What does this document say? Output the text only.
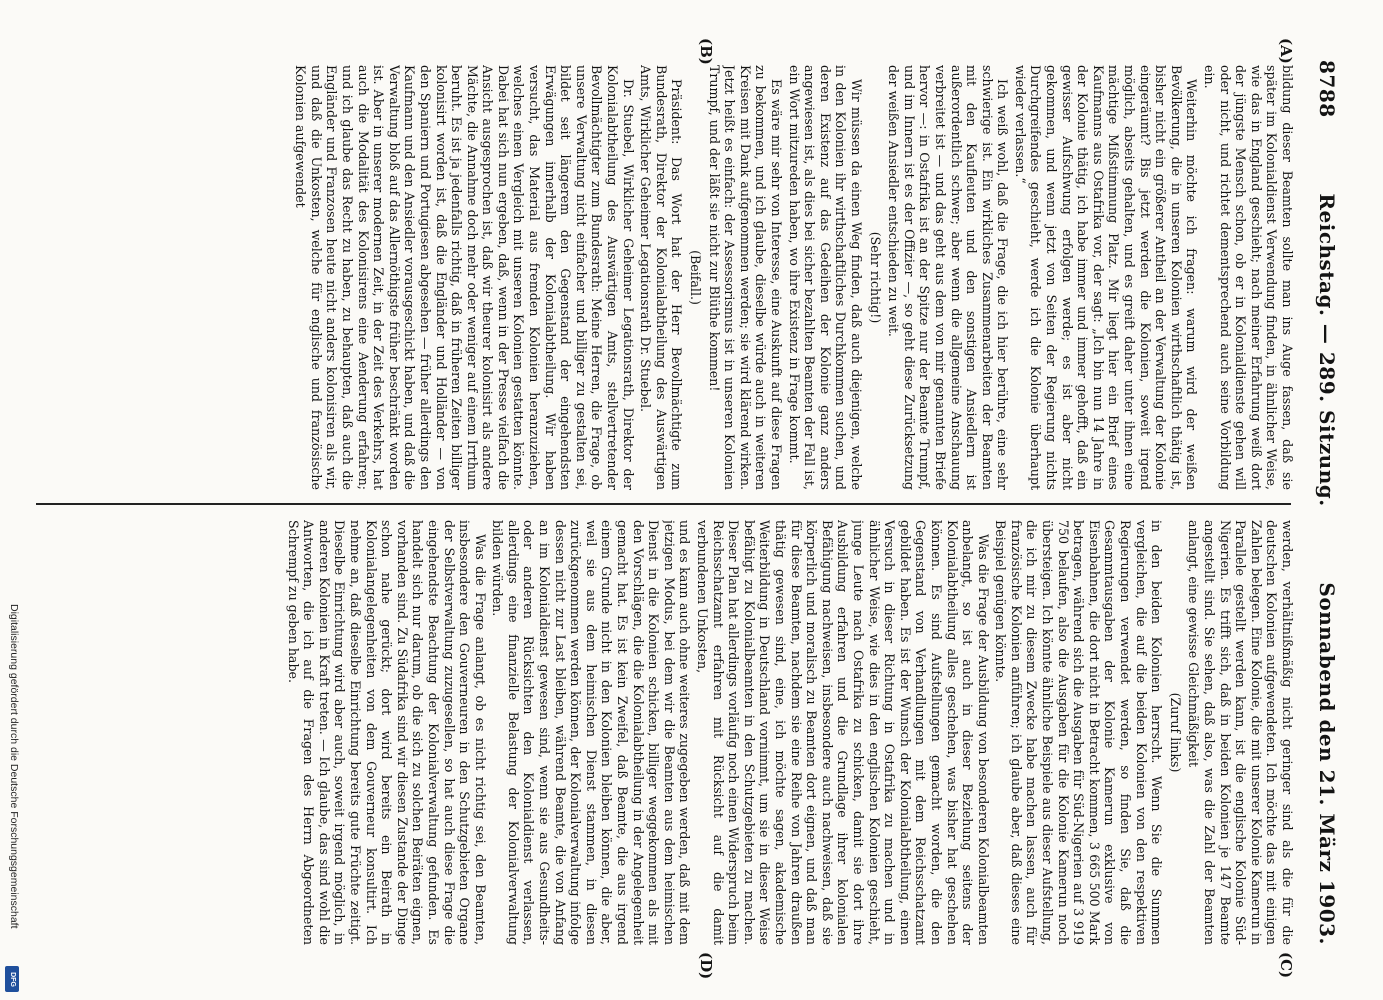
8788
Reichstag. — 289. Sitzung.
Sonnabend den 21. März 1903.
(A)
(B)
(C)
(D)

bildung dieser Beamten sollte man ins Auge fassen, daß sie später im Kolonialdienst Verwendung finden, in ähnlicher Weise, wie das in England geschieht; nach meiner Erfahrung weiß dort der jüngste Mensch schon, ob er in Kolonialdienste gehen will oder nicht, und richtet dementsprechend auch seine Vorbildung ein.

Weiterhin möchte ich fragen: warum wird der weißen Bevölkerung, die in unseren Kolonien wirthschaftlich thätig ist, bisher nicht ein größerer Antheil an der Verwaltung der Kolonie eingeräumt? Bis jetzt werden die Kolonien, soweit irgend möglich, abseits gehalten, und es greift daher unter ihnen eine mächtige Mißstimmung Platz. Mir liegt hier ein Brief eines Kaufmanns aus Ostafrika vor, der sagt: „Ich bin nun 14 Jahre in der Kolonie thätig, ich habe immer und immer gehofft, daß ein gewisser Aufschwung erfolgen werde; es ist aber nicht gekommen, und wenn jetzt von Seiten der Regierung nichts Durchgreifendes geschieht, werde ich die Kolonie überhaupt wieder verlassen.“

Ich weiß wohl, daß die Frage, die ich hier berühre, eine sehr schwierige ist. Ein wirkliches Zusammenarbeiten der Beamten mit den Kaufleuten und den sonstigen Ansiedlern ist außerordentlich schwer; aber wenn die allgemeine Anschauung verbreitet ist — und das geht aus dem von mir genannten Briefe hervor —: in Ostafrika ist an der Spitze nur der Beamte Trumpf, und im Innern ist es der Offizier —, so geht diese Zurücksetzung der weißen Ansiedler entschieden zu weit.

(Sehr richtig!)

Wir müssen da einen Weg finden, daß auch diejenigen, welche in den Kolonien ihr wirthschaftliches Durchkommen suchen, und deren Existenz auf das Gedeihen der Kolonie ganz anders angewiesen ist, als dies bei sicher bezahlten Beamten der Fall ist, ein Wort mitzureden haben, wo ihre Existenz in Frage kommt.

Es wäre mir sehr von Interesse, eine Auskunft auf diese Fragen zu bekommen, und ich glaube, dieselbe würde auch in weiteren Kreisen mit Dank aufgenommen werden; sie wird klärend wirken. Jetzt heißt es einfach: der Assessorismus ist in unseren Kolonien Trumpf, und der läßt sie nicht zur Blüthe kommen!

(Beifall.)

Präsident: Das Wort hat der Herr Bevollmächtigte zum Bundesrath, Direktor der Kolonialabtheilung des Auswärtigen Amts, Wirklicher Geheimer Legationsrath Dr. Stuebel.

Dr. Stuebel, Wirklicher Geheimer Legationsrath, Direktor der Kolonialabtheilung des Auswärtigen Amts, stellvertretender Bevollmächtigter zum Bundesrath: Meine Herren, die Frage, ob unsere Verwaltung nicht einfacher und billiger zu gestalten sei, bildet seit längerem den Gegenstand der eingehendsten Erwägungen innerhalb der Kolonialabtheilung. Wir haben versucht, das Material aus fremden Kolonien heranzuziehen, welches einen Vergleich mit unseren Kolonien gestatten könnte. Dabei hat sich nun ergeben, daß, wenn in der Presse vielfach die Ansicht ausgesprochen ist, daß wir theurer kolonisirt als andere Mächte, die Annahme doch mehr oder weniger auf einem Irrthum beruht. Es ist ja jedenfalls richtig, daß in früheren Zeiten billiger kolonisirt worden ist, daß die Engländer und Holländer — von den Spaniern und Portugiesen abgesehen — früher allerdings den Kaufmann und den Ansiedler vorausgeschickt haben, und daß die Verwaltung bloß auf das Allernöthigste früher beschränkt worden ist. Aber in unserer modernen Zeit, in der Zeit des Verkehrs, hat auch die Modalität des Kolonisirens eine Aenderung erfahren; und ich glaube das Recht zu haben, zu behaupten, daß auch die Engländer und Franzosen heute nicht anders kolonisiren als wir, und daß die Unkosten, welche für englische und französische Kolonien aufgewendet

werden, verhältnißmäßig nicht geringer sind als die für die deutschen Kolonien aufgewendeten. Ich möchte das mit einigen Zahlen belegen. Eine Kolonie, die mit unserer Kolonie Kamerun in Parallele gestellt werden kann, ist die englische Kolonie Süd-Nigerien. Es trifft sich, daß in beiden Kolonien je 147 Beamte angestellt sind. Sie sehen, daß also, was die Zahl der Beamten anlangt, eine gewisse Gleichmäßigkeit

(Zuruf links)

in den beiden Kolonien herrscht. Wenn Sie die Summen vergleichen, die auf die beiden Kolonien von den respektiven Regierungen verwendet werden, so finden Sie, daß die Gesammtausgaben der Kolonie Kamerun exklusive von Eisenbahnen, die dort nicht in Betracht kommen, 3 665 500 Mark betragen, während sich die Ausgaben für Süd-Nigerien auf 3 919 750 belaufen, also die Ausgaben für die Kolonie Kamerun noch übersteigen. Ich könnte ähnliche Beispiele aus dieser Aufstellung, die ich mir zu diesem Zwecke habe machen lassen, auch für französische Kolonien anführen; ich glaube aber, daß dieses eine Beispiel genügen könnte.

Was die Frage der Ausbildung von besonderen Kolonialbeamten anbelangt, so ist auch in dieser Beziehung seitens der Kolonialabtheilung alles geschehen, was bisher hat geschehen können. Es sind Aufstellungen gemacht worden, die den Gegenstand von Verhandlungen mit dem Reichsschatzamt gebildet haben. Es ist der Wunsch der Kolonialabtheilung, einen Versuch in dieser Richtung in Ostafrika zu machen und in ähnlicher Weise, wie dies in den englischen Kolonien geschieht, junge Leute nach Ostafrika zu schicken, damit sie dort ihre Ausbildung erfahren und die Grundlage ihrer kolonialen Befähigung nachweisen, insbesondere auch nachweisen, daß sie körperlich und moralisch zu Beamten dort eignen, und daß man für diese Beamten, nachdem sie eine Reihe von Jahren draußen thätig gewesen sind, eine, ich möchte sagen, akademische Weiterbildung in Deutschland vornimmt, um sie in dieser Weise befähigt zu Kolonialbeamten in den Schutzgebieten zu machen. Dieser Plan hat allerdings vorläufig noch einen Widerspruch beim Reichsschatzamt erfahren mit Rücksicht auf die damit verbundenen Unkosten,

und es kann auch ohne weiteres zugegeben werden, daß mit dem jetzigen Modus, bei dem wir die Beamten aus dem heimischen Dienst in die Kolonien schicken, billiger weggekommen als mit den Vorschlägen, die die Kolonialabtheilung in der Angelegenheit gemacht hat. Es ist kein Zweifel, daß Beamte, die aus irgend einem Grunde nicht in den Kolonien bleiben können, die aber, weil sie aus dem heimischen Dienst stammen, in diesen zurückgenommen werden können, der Kolonialverwaltung infolge dessen nicht zur Last bleiben, während Beamte, die von Anfang an im Kolonialdienst gewesen sind, wenn sie aus Gesundheits- oder anderen Rücksichten den Kolonialdienst verlassen, allerdings eine finanzielle Belastung der Kolonialverwaltung bilden würden.

Was die Frage anlangt, ob es nicht richtig sei, den Beamten, insbesondere den Gouverneuren in den Schutzgebieten Organe der Selbstverwaltung zuzugesellen, so hat auch diese Frage die eingehendste Beachtung der Kolonialverwaltung gefunden. Es handelt sich nur darum, ob die sich zu solchen Beiräten eignen, vorhanden sind. Zu Südafrika sind wir diesen Zustande der Dinge schon nahe gerückt; dort wird bereits ein Beirath in Kolonialangelegenheiten von dem Gouverneur konsultirt. Ich nehme an, daß dieselbe Einrichtung bereits gute Früchte zeitigt. Dieselbe Einrichtung wird aber auch, soweit irgend möglich, in anderen Kolonien in Kraft treten. — Ich glaube, das sind wohl die Antworten, die ich auf die Fragen des Herrn Abgeordneten Schrempf zu geben habe.

Digitalisierung gefördert durch die Deutsche Forschungsgemeinschaft
DFG
